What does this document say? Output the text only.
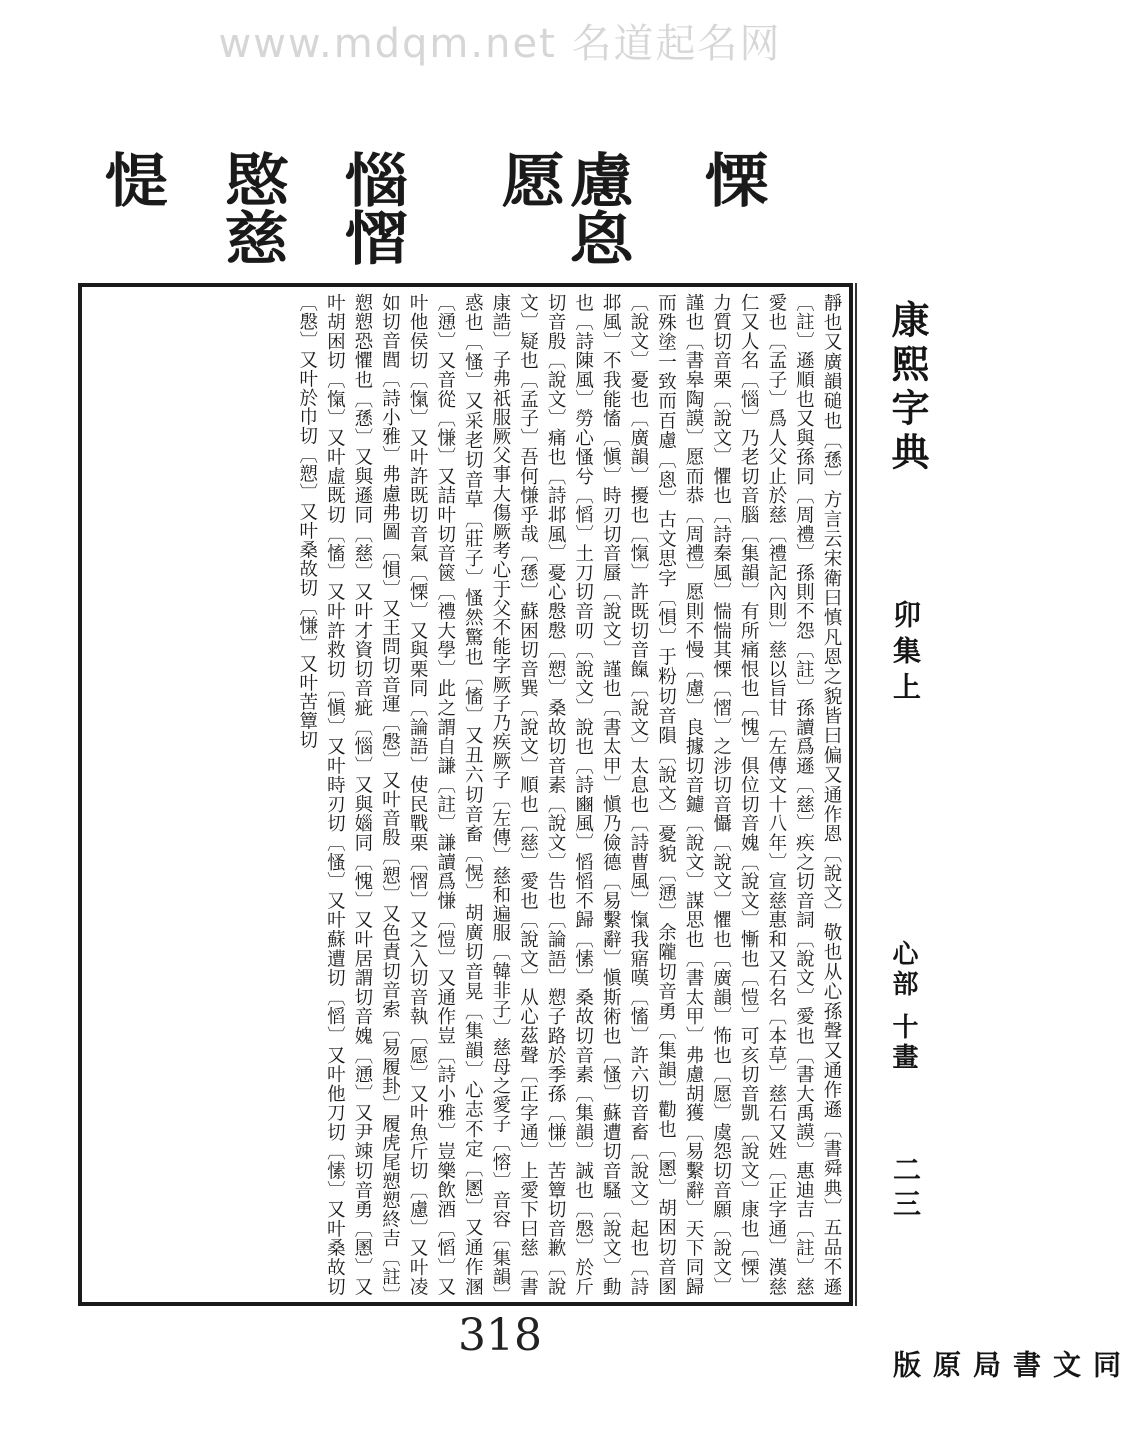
www.mdqm.net 名道起名网
惿 愍慈 惱慴	慮恖愿	慄
靜也又廣韻磓也〔愻〕方言云宋衛曰慎凡恩之貌皆曰偏又通作恩〔說文〕敬也从心孫聲又通作遜〔書舜典〕五品不遜〔註〕遜順也又與孫同〔周禮〕孫則不怨〔註〕孫讀爲遜〔慈〕疾之切音詞〔說文〕愛也〔書大禹謨〕惠迪吉〔註〕慈愛也〔孟子〕爲人父止於慈〔禮記內則〕慈以旨甘〔左傳文十八年〕宣慈惠和又石名〔本草〕慈石又姓〔正字通〕漢慈仁又人名〔惱〕乃老切音腦〔集韻〕有所痛恨也〔愧〕俱位切音媿〔說文〕慚也〔愷〕可亥切音凱〔說文〕康也〔慄〕力質切音栗〔說文〕懼也〔詩秦風〕惴惴其慄〔慴〕之涉切音懾〔說文〕懼也〔廣韻〕怖也〔愿〕虞怨切音願〔說文〕謹也〔書皋陶謨〕愿而恭〔周禮〕愿則不慢〔慮〕良據切音鑢〔說文〕謀思也〔書太甲〕弗慮胡獲〔易繫辭〕天下同歸而殊塗一致而百慮〔恖〕古文思字〔愪〕于粉切音隕〔說文〕憂貌〔慂〕余隴切音勇〔集韻〕勸也〔慁〕胡困切音圂〔說文〕憂也〔廣韻〕擾也〔愾〕許既切音餼〔說文〕太息也〔詩曹風〕愾我寤嘆〔慉〕許六切音畜〔說文〕起也〔詩邶風〕不我能慉〔愼〕時刃切音蜃〔說文〕謹也〔書太甲〕愼乃儉德〔易繫辭〕愼斯術也〔慅〕蘇遭切音騷〔說文〕動也〔詩陳風〕勞心慅兮〔慆〕土刀切音叨〔說文〕說也〔詩豳風〕慆慆不歸〔愫〕桑故切音素〔集韻〕誠也〔慇〕於斤切音殷〔說文〕痛也〔詩邶風〕憂心慇慇〔愬〕桑故切音素〔說文〕告也〔論語〕愬子路於季孫〔慊〕苦簟切音歉〔說文〕疑也〔孟子〕吾何慊乎哉〔愻〕蘇困切音巽〔說文〕順也〔慈〕愛也〔說文〕从心茲聲〔正字通〕上愛下曰慈〔書康誥〕子弗祇服厥父事大傷厥考心于父不能字厥子乃疾厥子〔左傳〕慈和遍服〔韓非子〕慈母之愛子〔愹〕音容〔集韻〕惑也〔慅〕又采老切音草〔莊子〕慅然驚也〔慉〕又丑六切音畜〔愰〕胡廣切音晃〔集韻〕心志不定〔慁〕又通作溷〔慂〕又音從〔慊〕又詰叶切音篋〔禮大學〕此之謂自謙〔註〕謙讀爲慊〔愷〕又通作豈〔詩小雅〕豈樂飲酒〔慆〕又叶他侯切〔愾〕又叶許既切音氣〔慄〕又與栗同〔論語〕使民戰栗〔慴〕又之入切音執〔愿〕又叶魚斤切〔慮〕又叶凌如切音閭〔詩小雅〕弗慮弗圖〔愪〕又王問切音運〔慇〕又叶音殷〔愬〕又色責切音索〔易履卦〕履虎尾愬愬終吉〔註〕愬愬恐懼也〔愻〕又與遜同〔慈〕又叶才資切音疵〔惱〕又與㛴同〔愧〕又叶居謂切音媿〔慂〕又尹竦切音勇〔慁〕又叶胡困切〔愾〕又叶虛既切〔慉〕又叶許救切〔愼〕又叶時刃切〔慅〕又叶蘇遭切〔慆〕又叶他刀切〔愫〕又叶桑故切〔慇〕又叶於巾切〔愬〕又叶桑故切〔慊〕又叶苦簟切	康熙字典
卯集上
心部 十畫
二三
同文書局原版
318
